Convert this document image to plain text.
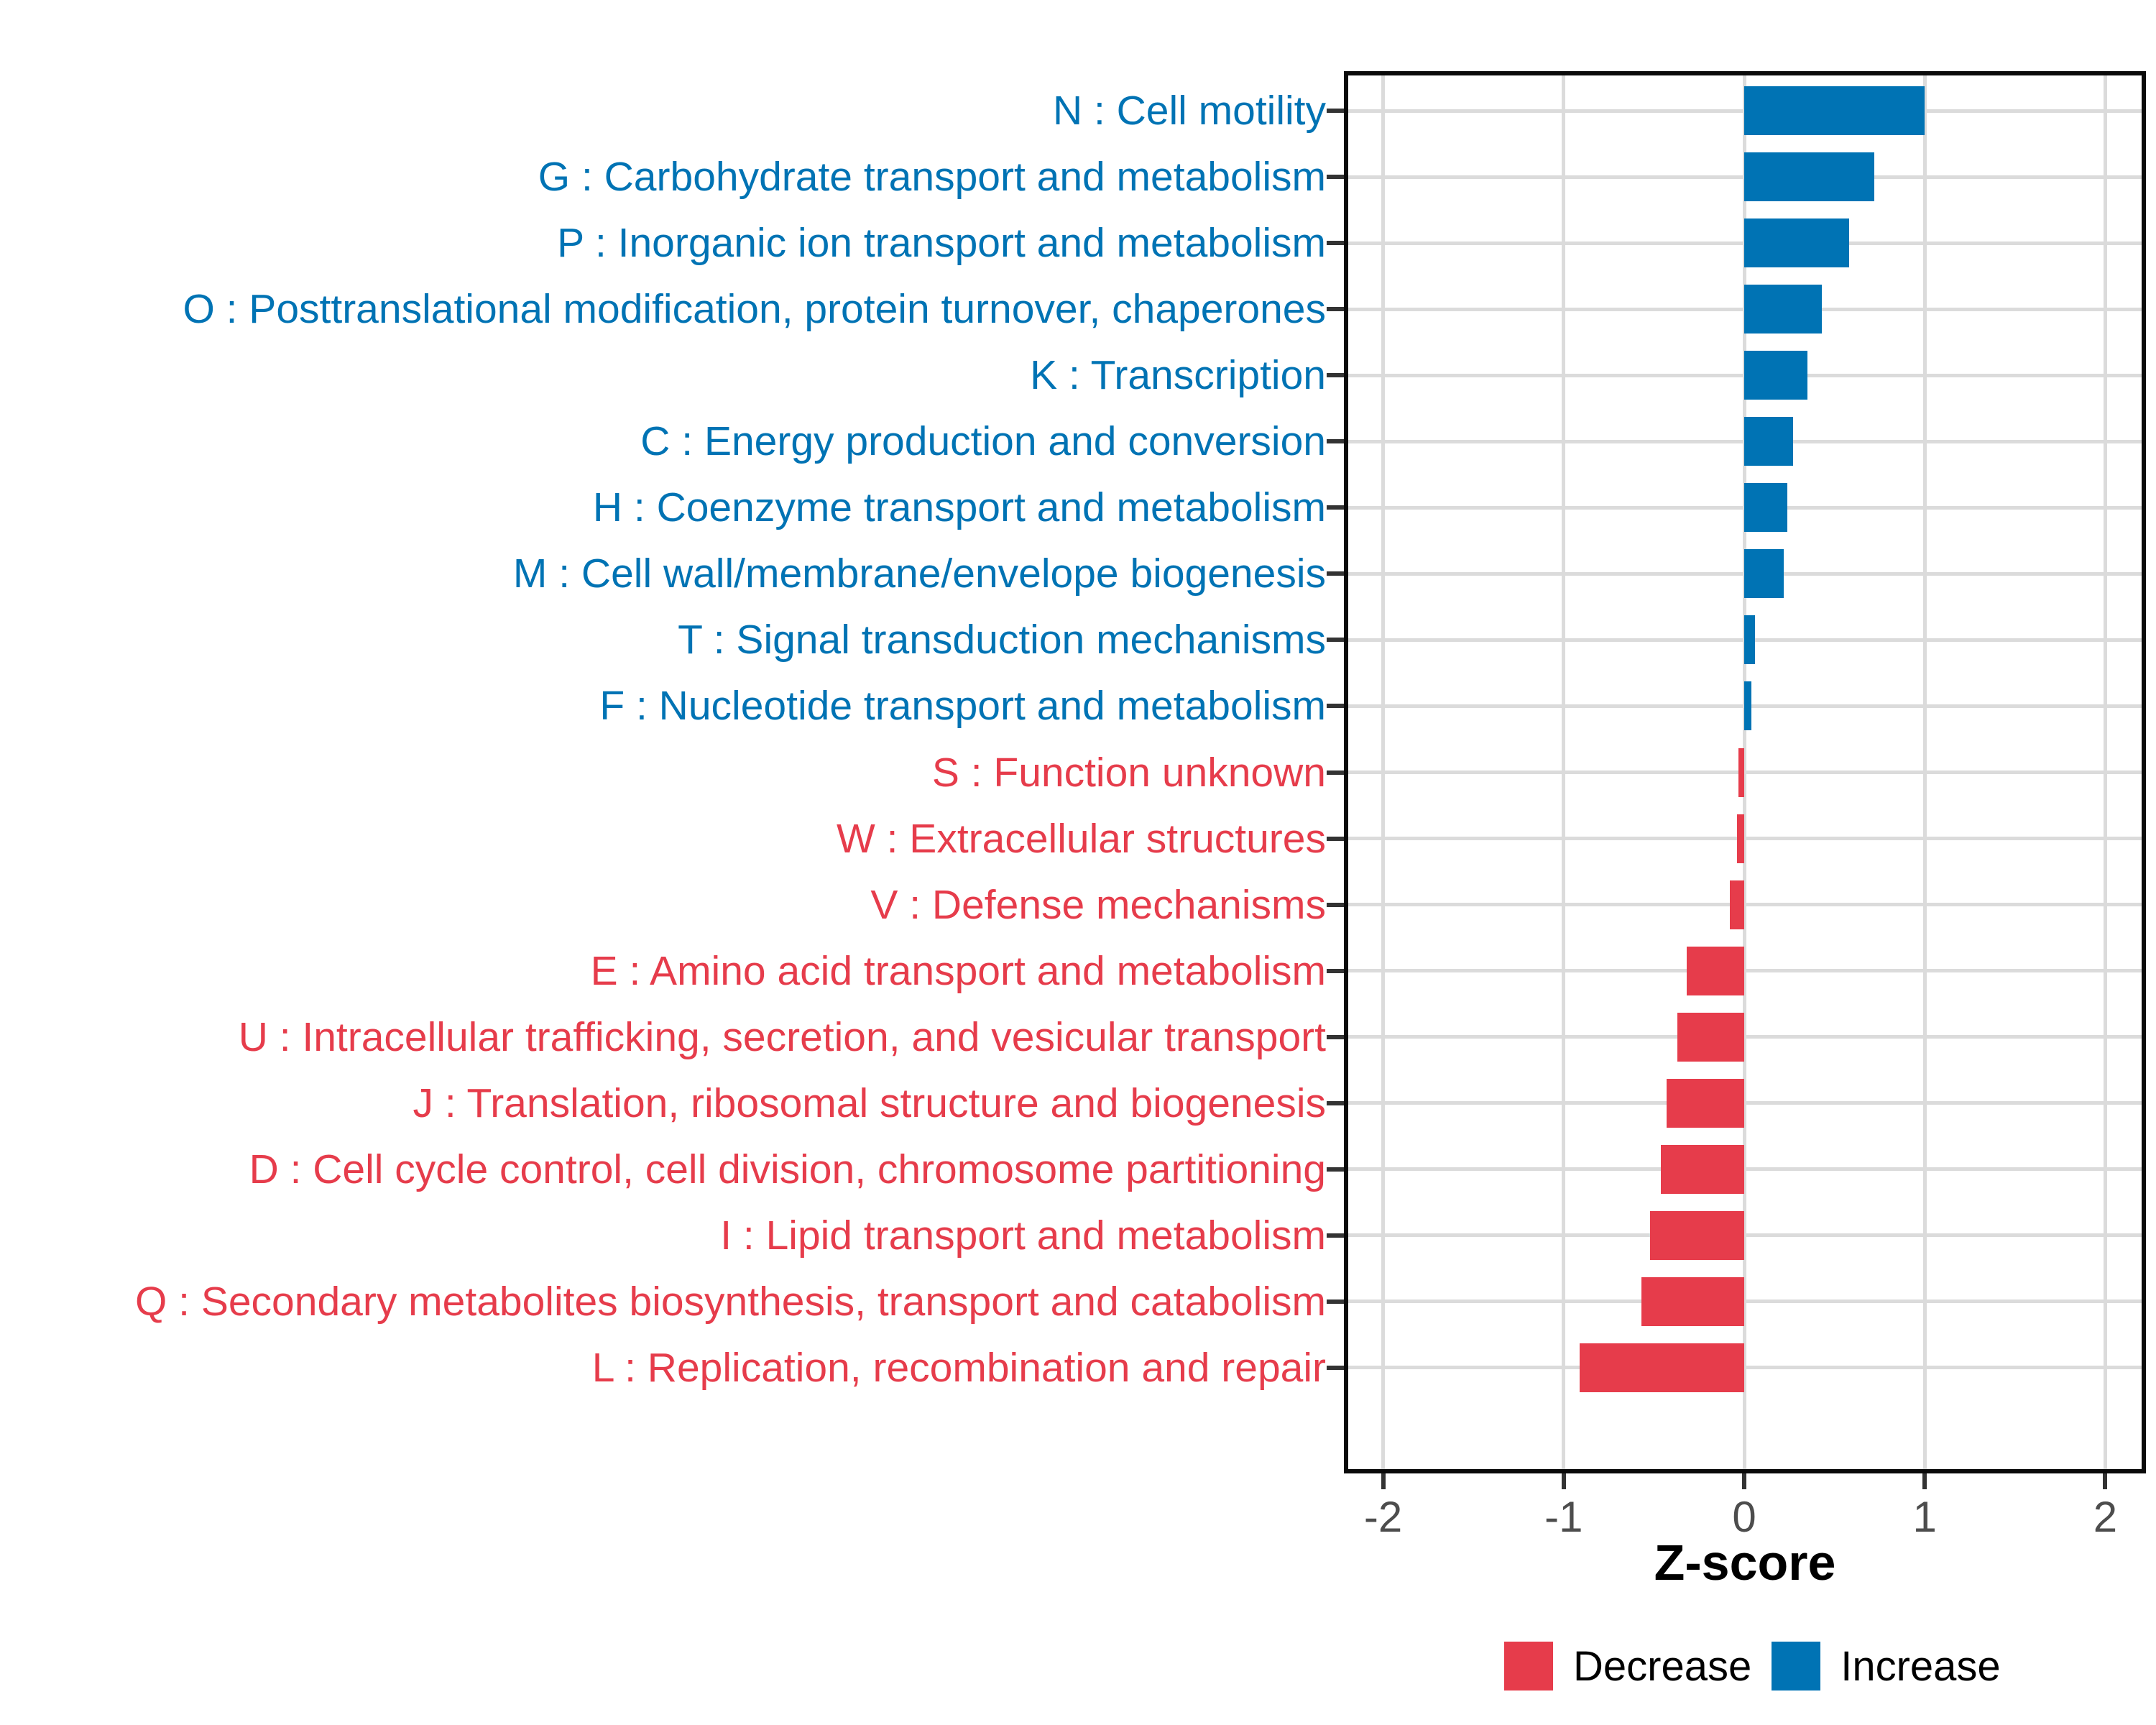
N : Cell motility
G : Carbohydrate transport and metabolism
P : Inorganic ion transport and metabolism
O : Posttranslational modification, protein turnover, chaperones
K : Transcription
C : Energy production and conversion
H : Coenzyme transport and metabolism
M : Cell wall/membrane/envelope biogenesis
T : Signal transduction mechanisms
F : Nucleotide transport and metabolism
S : Function unknown
W : Extracellular structures
V : Defense mechanisms
E : Amino acid transport and metabolism
U : Intracellular trafficking, secretion, and vesicular transport
J : Translation, ribosomal structure and biogenesis
D : Cell cycle control, cell division, chromosome partitioning
I : Lipid transport and metabolism
Q : Secondary metabolites biosynthesis, transport and catabolism
L : Replication, recombination and repair
-2	-1	0	1	2
Z-score
Decrease Increase
